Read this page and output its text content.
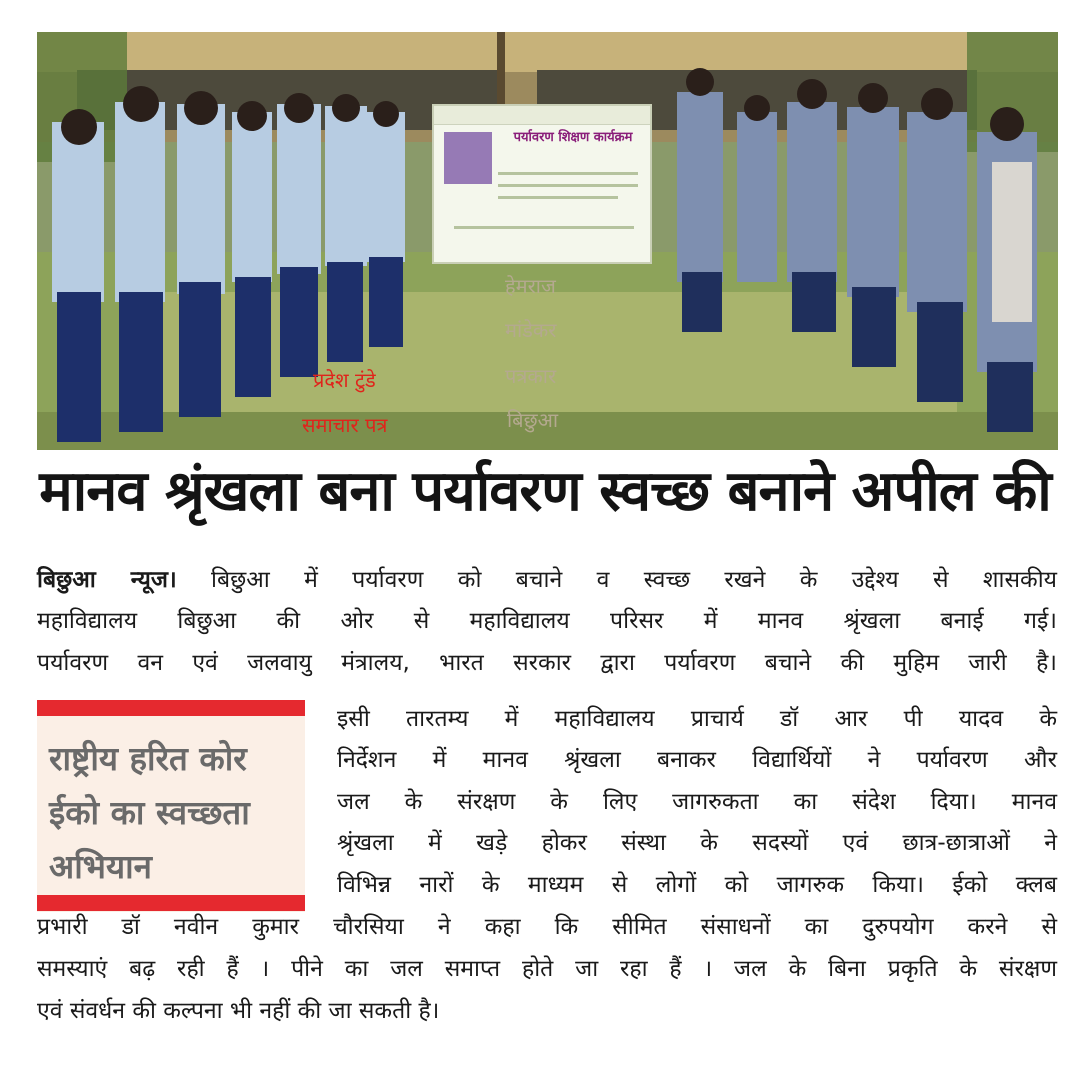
पर्यावरण शिक्षण कार्यक्रम
प्रदेश टुंडे
समाचार पत्र
हेमराज
मांडेकर
पत्रकार
बिछुआ
मानव श्रृंखला बना पर्यावरण स्वच्छ बनाने अपील की
बिछुआ न्यूज। बिछुआ में पर्यावरण को बचाने व स्वच्छ रखने के उद्देश्य से शासकीय
महाविद्यालय बिछुआ की ओर से महाविद्यालय परिसर में मानव श्रृंखला बनाई गई।
पर्यावरण वन एवं जलवायु मंत्रालय, भारत सरकार द्वारा पर्यावरण बचाने की मुहिम जारी है।
राष्ट्रीय हरित कोर
ईको का स्वच्छता
अभियान
इसी तारतम्य में महाविद्यालय प्राचार्य डॉ आर पी यादव के
निर्देशन में मानव श्रृंखला बनाकर विद्यार्थियों ने पर्यावरण और
जल के संरक्षण के लिए जागरुकता का संदेश दिया। मानव
श्रृंखला में खड़े होकर संस्था के सदस्यों एवं छात्र-छात्राओं ने
विभिन्न नारों के माध्यम से लोगों को जागरुक किया। ईको क्लब
प्रभारी डॉ नवीन कुमार चौरसिया ने कहा कि सीमित संसाधनों का दुरुपयोग करने से
समस्याएं बढ़ रही हैं । पीने का जल समाप्त होते जा रहा हैं । जल के बिना प्रकृति के संरक्षण
एवं संवर्धन की कल्पना भी नहीं की जा सकती है।
